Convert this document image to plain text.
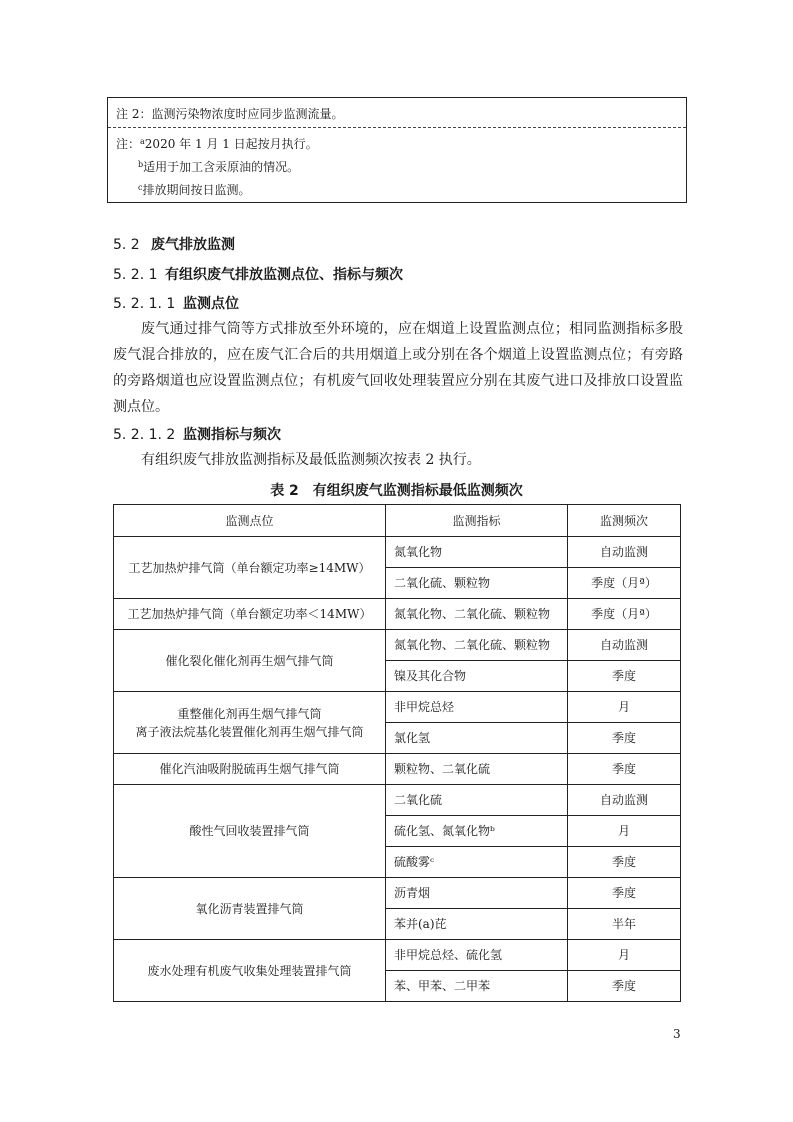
注 2：监测污染物浓度时应同步监测流量。
注：$^a$2020 年 1 月 1 日起按月执行。
$^b$适用于加工含汞原油的情况。
$^c$排放期间按日监测。
5. 2 废气排放监测
5. 2. 1 有组织废气排放监测点位、指标与频次
5. 2. 1. 1 监测点位

废气通过排气筒等方式排放至外环境的，应在烟道上设置监测点位；相同监测指标多股废气混合排放的，应在废气汇合后的共用烟道上或分别在各个烟道上设置监测点位；有旁路的旁路烟道也应设置监测点位；有机废气回收处理装置应分别在其废气进口及排放口设置监测点位。

5. 2. 1. 2 监测指标与频次

有组织废气排放监测指标及最低监测频次按表 2 执行。

表 2　有组织废气监测指标最低监测频次
监测点位	监测指标	监测频次
工艺加热炉排气筒（单台额定功率≥14MW）
氮氧化物	自动监测
二氧化硫、颗粒物	季度（月ª）
工艺加热炉排气筒（单台额定功率＜14MW）	氮氧化物、二氧化硫、颗粒物	季度（月ª）
催化裂化催化剂再生烟气排气筒
氮氧化物、二氧化硫、颗粒物	自动监测
镍及其化合物	季度
重整催化剂再生烟气排气筒
离子液法烷基化装置催化剂再生烟气排气筒
非甲烷总烃	月
氯化氢	季度
催化汽油吸附脱硫再生烟气排气筒	颗粒物、二氧化硫	季度
酸性气回收装置排气筒
二氧化硫	自动监测
硫化氢、氮氧化物ᵇ	月
硫酸雾ᶜ	季度
氧化沥青装置排气筒
沥青烟	季度
苯并(a)芘	半年
废水处理有机废气收集处理装置排气筒
非甲烷总烃、硫化氢	月
苯、甲苯、二甲苯	季度
3
